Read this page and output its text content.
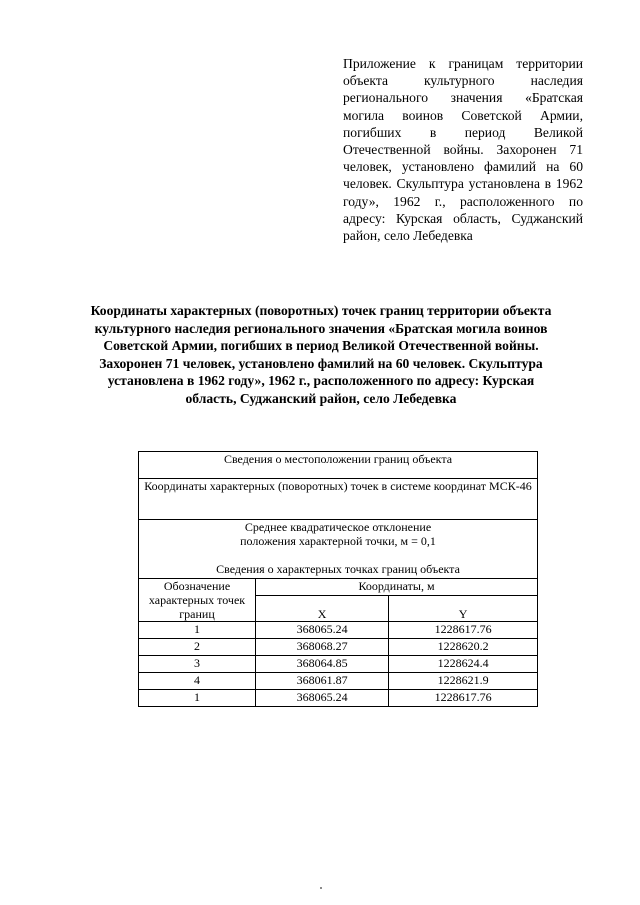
Приложение к границам территории объекта культурного наследия регионального значения «Братская могила воинов Советской Армии, погибших в период Великой Отечественной войны. Захоронен 71 человек, установлено фамилий на 60 человек. Скульптура установлена в 1962 году», 1962 г., расположенного по адресу: Курская область, Суджанский район, село Лебедевка
Координаты характерных (поворотных) точек границ территории объекта культурного наследия регионального значения «Братская могила воинов Советской Армии, погибших в период Великой Отечественной войны. Захоронен 71 человек, установлено фамилий на 60 человек. Скульптура установлена в 1962 году», 1962 г., расположенного по адресу: Курская область, Суджанский район, село Лебедевка
Сведения о местоположении границ объекта		
Координаты характерных (поворотных) точек в системе координат МСК-46		
Среднее квадратическое отклонение
положения характерной точки, м = 0,1
Сведения о характерных точках границ объекта		
Обозначение характерных точек границ	Координаты, м	
	X	Y
1	368065.24	1228617.76
2	368068.27	1228620.2
3	368064.85	1228624.4
4	368061.87	1228621.9
1	368065.24	1228617.76
